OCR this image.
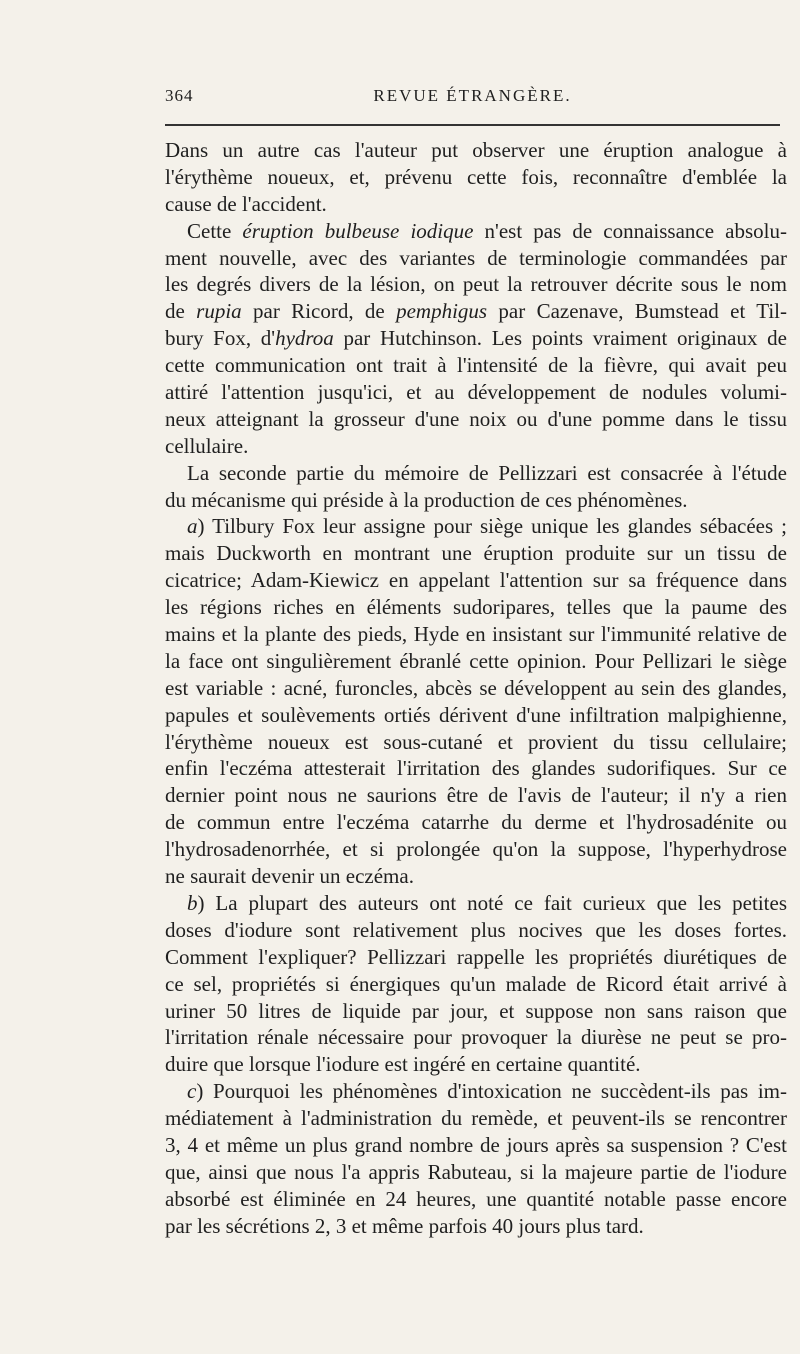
364	REVUE ÉTRANGÈRE.
Dans un autre cas l'auteur put observer une éruption analogue à
l'érythème noueux, et, prévenu cette fois, reconnaître d'emblée la
cause de l'accident.
Cette éruption bulbeuse iodique n'est pas de connaissance absolu-
ment nouvelle, avec des variantes de terminologie commandées par
les degrés divers de la lésion, on peut la retrouver décrite sous le nom
de rupia par Ricord, de pemphigus par Cazenave, Bumstead et Til-
bury Fox, d'hydroa par Hutchinson. Les points vraiment originaux de
cette communication ont trait à l'intensité de la fièvre, qui avait peu
attiré l'attention jusqu'ici, et au développement de nodules volumi-
neux atteignant la grosseur d'une noix ou d'une pomme dans le tissu
cellulaire.
La seconde partie du mémoire de Pellizzari est consacrée à l'étude
du mécanisme qui préside à la production de ces phénomènes.
a) Tilbury Fox leur assigne pour siège unique les glandes sébacées ;
mais Duckworth en montrant une éruption produite sur un tissu de
cicatrice; Adam-Kiewicz en appelant l'attention sur sa fréquence dans
les régions riches en éléments sudoripares, telles que la paume des
mains et la plante des pieds, Hyde en insistant sur l'immunité relative de
la face ont singulièrement ébranlé cette opinion. Pour Pellizari le siège
est variable : acné, furoncles, abcès se développent au sein des glandes,
papules et soulèvements ortiés dérivent d'une infiltration malpighienne,
l'érythème noueux est sous-cutané et provient du tissu cellulaire;
enfin l'eczéma attesterait l'irritation des glandes sudorifiques. Sur ce
dernier point nous ne saurions être de l'avis de l'auteur; il n'y a rien
de commun entre l'eczéma catarrhe du derme et l'hydrosadénite ou
l'hydrosadenorrhée, et si prolongée qu'on la suppose, l'hyperhydrose
ne saurait devenir un eczéma.
b) La plupart des auteurs ont noté ce fait curieux que les petites
doses d'iodure sont relativement plus nocives que les doses fortes.
Comment l'expliquer? Pellizzari rappelle les propriétés diurétiques de
ce sel, propriétés si énergiques qu'un malade de Ricord était arrivé à
uriner 50 litres de liquide par jour, et suppose non sans raison que
l'irritation rénale nécessaire pour provoquer la diurèse ne peut se pro-
duire que lorsque l'iodure est ingéré en certaine quantité.
c) Pourquoi les phénomènes d'intoxication ne succèdent-ils pas im-
médiatement à l'administration du remède, et peuvent-ils se rencontrer
3, 4 et même un plus grand nombre de jours après sa suspension ? C'est
que, ainsi que nous l'a appris Rabuteau, si la majeure partie de l'iodure
absorbé est éliminée en 24 heures, une quantité notable passe encore
par les sécrétions 2, 3 et même parfois 40 jours plus tard.
